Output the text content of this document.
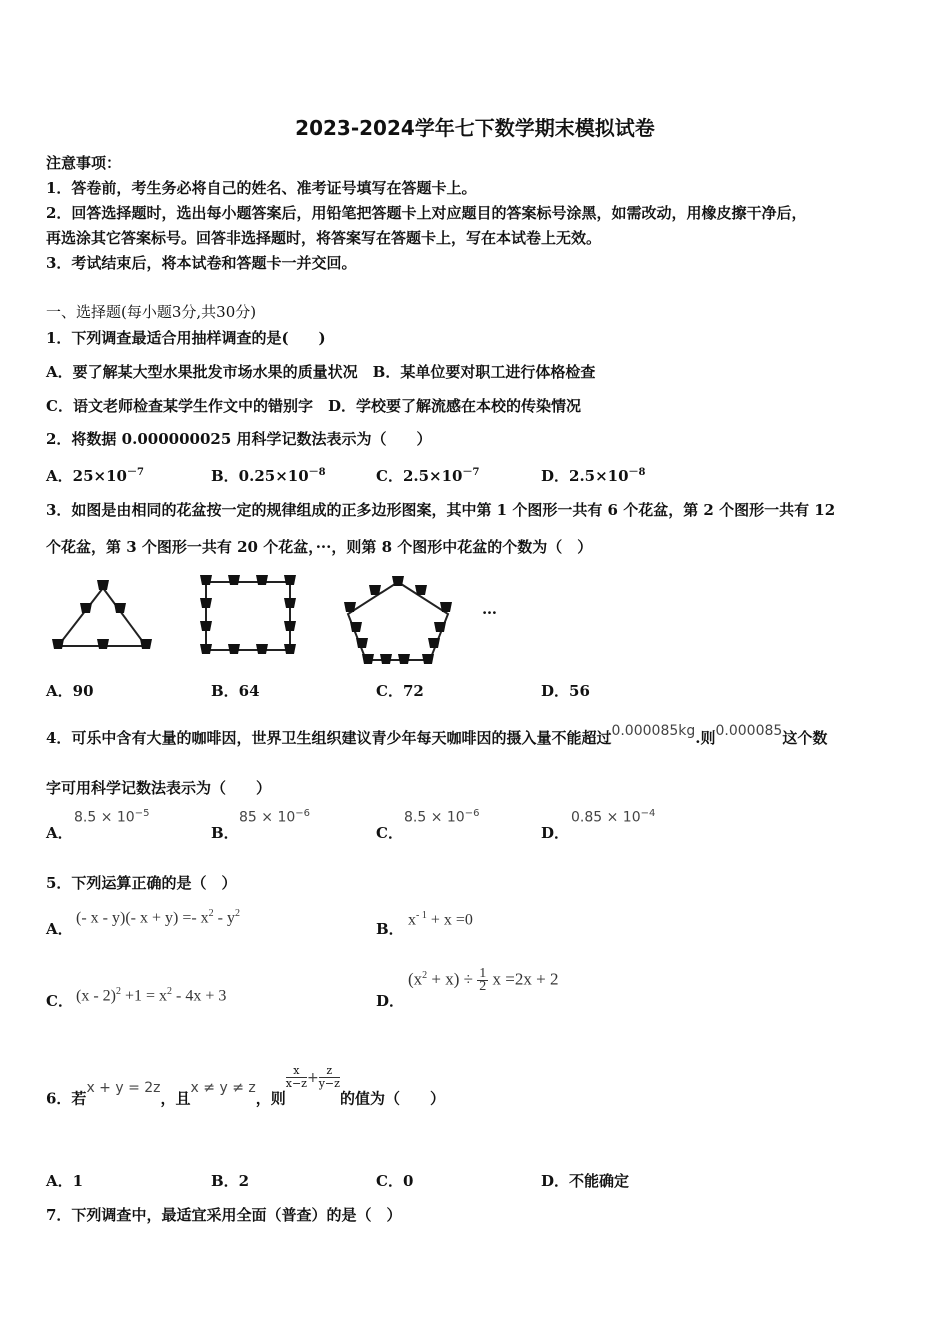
2023-2024学年七下数学期末模拟试卷
注意事项：
1．答卷前，考生务必将自己的姓名、准考证号填写在答题卡上。
2．回答选择题时，选出每小题答案后，用铅笔把答题卡上对应题目的答案标号涂黑，如需改动，用橡皮擦干净后，
再选涂其它答案标号。回答非选择题时，将答案写在答题卡上，写在本试卷上无效。
3．考试结束后，将本试卷和答题卡一并交回。
一、选择题(每小题3分,共30分)
1．下列调查最适合用抽样调查的是(　　)
A．要了解某大型水果批发市场水果的质量状况　B．某单位要对职工进行体格检查
C．语文老师检查某学生作文中的错别字　D．学校要了解流感在本校的传染情况
2．将数据 0.000000025 用科学记数法表示为（　　）
A．$25\times 10^{-7}$	B．$0.25\times 10^{-8}$	C．$2.5\times 10^{-7}$	D．$2.5\times 10^{-8}$
3．如图是由相同的花盆按一定的规律组成的正多边形图案，其中第 1 个图形一共有 6 个花盆，第 2 个图形一共有 12
个花盆，第 3 个图形一共有 20 个花盆，···，则第 8 个图形中花盆的个数为（　）
…
A．90	B．64	C．72	D．56
4．可乐中含有大量的咖啡因，世界卫生组织建议青少年每天咖啡因的摄入量不能超过0.000085kg.则0.000085这个数
字可用科学记数法表示为（　　）
A．
$8.5 \times 10^{-5}$
B．
$85 \times 10^{-6}$
C．
$8.5 \times 10^{-6}$
D．
$0.85 \times 10^{-4}$
5．下列运算正确的是（　）
A．
(- x - y)(- $x + y) =- x^2 - y^2$
B．
$x^{- 1} + x =0$
C． $(x - 2)^2 +1 = x^2 - 4x + 3$	D．
$(x^2 + x) \div \frac{1}{2}$ x =2x + 2
6．若x + y = 2z，且x ≠ y ≠ z，则
$\frac{x}{x-z} + \frac{z}{y-z}$
的值为（　　）
A．1	B．2	C．0	D．不能确定
7．下列调查中，最适宜采用全面（普查）的是（　）
